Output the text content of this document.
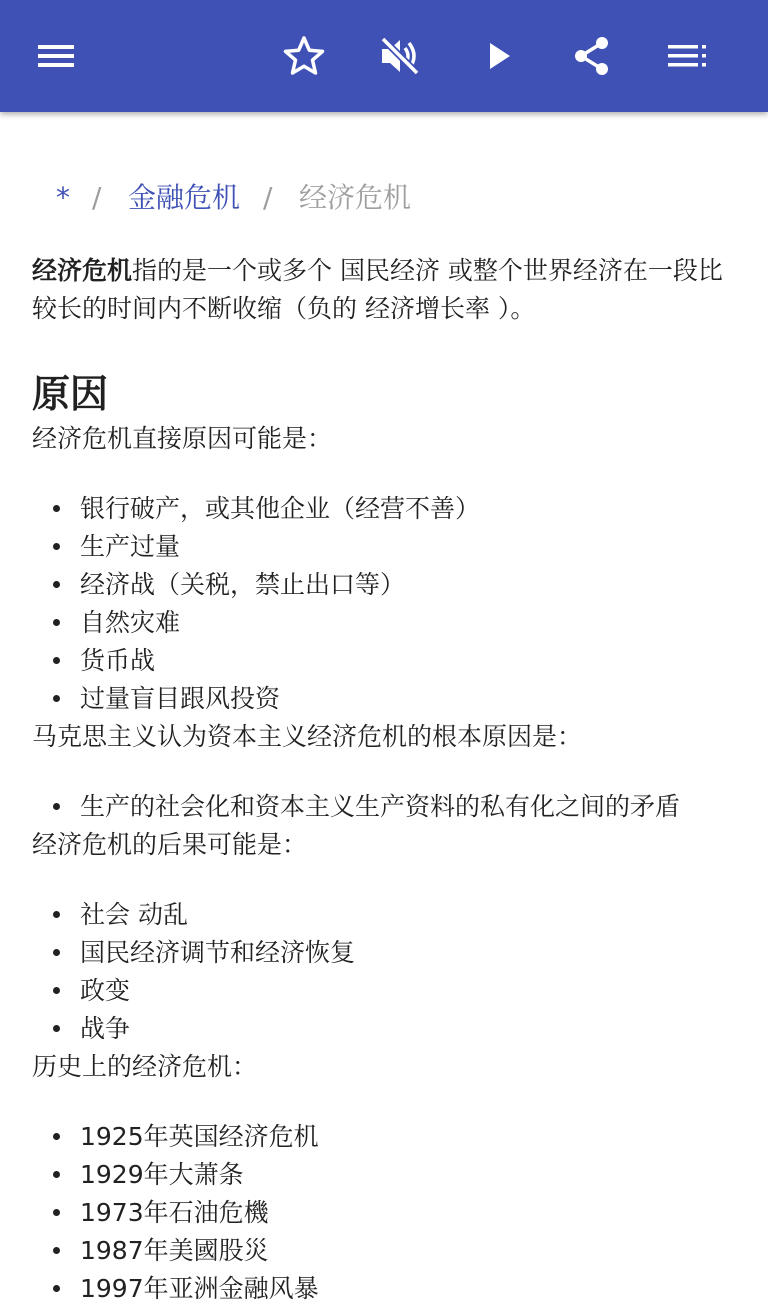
* / 金融危机 / 经济危机

经济危机指的是一个或多个 国民经济 或整个世界经济在一段比较长的时间内不断收缩（负的 经济增长率 ）。

原因

经济危机直接原因可能是：

银行破产，或其他企业（经营不善）
生产过量
经济战（关税，禁止出口等）
自然灾难
货币战
过量盲目跟风投资

马克思主义认为资本主义经济危机的根本原因是：

生产的社会化和资本主义生产资料的私有化之间的矛盾

经济危机的后果可能是：

社会 动乱
国民经济调节和经济恢复
政变
战争

历史上的经济危机：

1925年英国经济危机
1929年大萧条
1973年石油危機
1987年美國股災
1997年亚洲金融风暴
